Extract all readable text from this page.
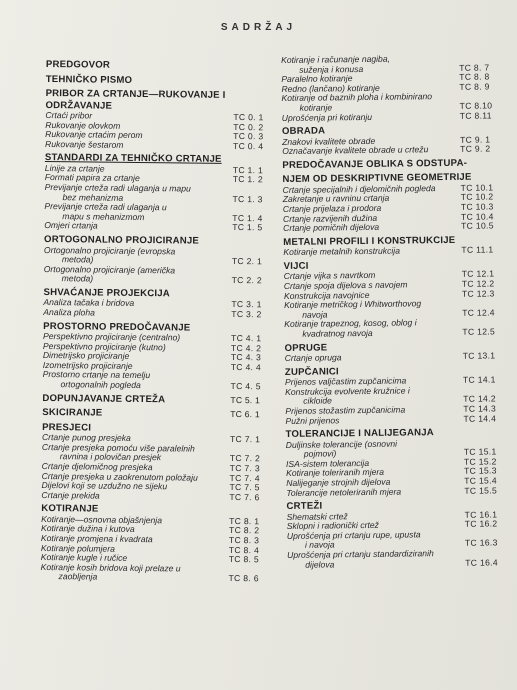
SADRŽAJ
PREDGOVOR
TEHNIČKO PISMO
PRIBOR ZA CRTANJE—RUKOVANJE I ODRŽAVANJE
Crtaći pribor	TC 0. 1
Rukovanje olovkom	TC 0. 2
Rukovanje crtaćim perom	TC 0. 3
Rukovanje šestarom	TC 0. 4
STANDARDI ZA TEHNIČKO CRTANJE
Linije za crtanje	TC 1. 1
Formati papira za crtanje	TC 1. 2
Previjanje crteža radi ulaganja u mapu
bez mehanizma	TC 1. 3
Previjanje crteža radi ulaganja u
mapu s mehanizmom	TC 1. 4
Omjeri crtanja	TC 1. 5
ORTOGONALNO PROJICIRANJE
Ortogonalno projiciranje (evropska
metoda)	TC 2. 1
Ortogonalno projiciranje (američka
metoda)	TC 2. 2
SHVAĆANJE PROJEKCIJA
Analiza tačaka i bridova	TC 3. 1
Analiza ploha	TC 3. 2
PROSTORNO PREDOČAVANJE
Perspektivno projiciranje (centralno)	TC 4. 1
Perspektivno projiciranje (kutno)	TC 4. 2
Dimetrijsko projiciranje	TC 4. 3
Izometrijsko projiciranje	TC 4. 4
Prostorno crtanje na temelju
ortogonalnih pogleda	TC 4. 5
DOPUNJAVANJE CRTEŽA	TC 5. 1
SKICIRANJE	TC 6. 1
PRESJECI
Crtanje punog presjeka	TC 7. 1
Crtanje presjeka pomoću više paralelnih
ravnina i polovičan presjek	TC 7. 2
Crtanje djelomičnog presjeka	TC 7. 3
Crtanje presjeka u zaokrenutom položaju	TC 7. 4
Dijelovi koji se uzdužno ne sijeku	TC 7. 5
Crtanje prekida	TC 7. 6
KOTIRANJE
Kotiranje—osnovna objašnjenja	TC 8. 1
Kotiranje dužina i kutova	TC 8. 2
Kotiranje promjena i kvadrata	TC 8. 3
Kotiranje polumjera	TC 8. 4
Kotiranje kugle i ručice	TC 8. 5
Kotiranje kosih bridova koji prelaze u
zaobljenja	TC 8. 6
Kotiranje i računanje nagiba,
suženja i konusa	TC 8. 7
Paralelno kotiranje	TC 8. 8
Redno (lančano) kotiranje	TC 8. 9
Kotiranje od baznih ploha i kombinirano
kotiranje	TC 8.10
Uprošćenja pri kotiranju	TC 8.11
OBRADA
Znakovi kvalitete obrade	TC 9. 1
Označavanje kvalitete obrade u crtežu	TC 9. 2
PREDOČAVANJE OBLIKA S ODSTUPA-
NJEM OD DESKRIPTIVNE GEOMETRIJE
Crtanje specijalnih i djelomičnih pogleda	TC 10.1
Zakretanje u ravninu crtanja	TC 10.2
Crtanje prijelaza i prodora	TC 10.3
Crtanje razvijenih dužina	TC 10.4
Crtanje pomičnih dijelova	TC 10.5
METALNI PROFILI I KONSTRUKCIJE
Kotiranje metalnih konstrukcija	TC 11.1
VIJCI
Crtanje vijka s navrtkom	TC 12.1
Crtanje spoja dijelova s navojem	TC 12.2
Konstrukcija navojnice	TC 12.3
Kotiranje metričkog i Whitworthovog
navoja	TC 12.4
Kotiranje trapeznog, kosog, oblog i
kvadratnog navoja	TC 12.5
OPRUGE
Crtanje opruga	TC 13.1
ZUPČANICI
Prijenos valjčastim zupčanicima	TC 14.1
Konstrukcija evolvente kružnice i
cikloide	TC 14.2
Prijenos stožastim zupčanicima	TC 14.3
Pužni prijenos	TC 14.4
TOLERANCIJE I NALIJEGANJA
Duljinske tolerancije (osnovni
pojmovi)	TC 15.1
ISA-sistem toleranсija	TC 15.2
Kotiranje toleriranih mjera	TC 15.3
Nalijeganje strojnih dijelova	TC 15.4
Tolerancije netoleriranih mjera	TC 15.5
CRTEŽI
Shematski crtež	TC 16.1
Sklopni i radionički crtež	TC 16.2
Uprošćenja pri crtanju rupe, upusta
i navoja	TC 16.3
Uprošćenja pri crtanju standardiziranih
dijelova	TC 16.4
